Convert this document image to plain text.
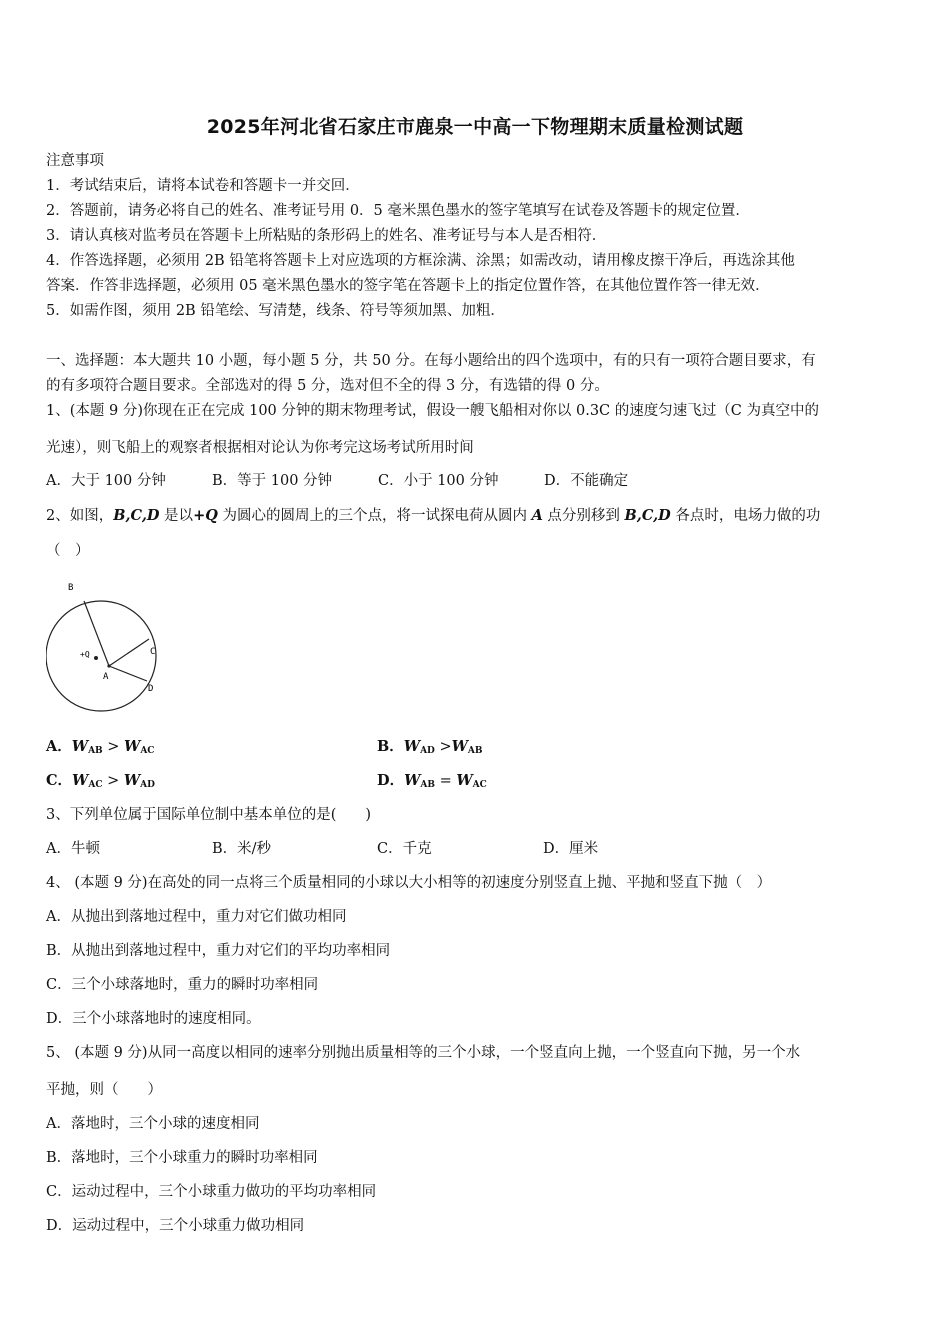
2025年河北省石家庄市鹿泉一中高一下物理期末质量检测试题
注意事项
1．考试结束后，请将本试卷和答题卡一并交回．
2．答题前，请务必将自己的姓名、准考证号用 0．5 毫米黑色墨水的签字笔填写在试卷及答题卡的规定位置．
3．请认真核对监考员在答题卡上所粘贴的条形码上的姓名、准考证号与本人是否相符．
4．作答选择题，必须用 2B 铅笔将答题卡上对应选项的方框涂满、涂黑；如需改动，请用橡皮擦干净后，再选涂其他
答案．作答非选择题，必须用 05 毫米黑色墨水的签字笔在答题卡上的指定位置作答，在其他位置作答一律无效．
5．如需作图，须用 2B 铅笔绘、写清楚，线条、符号等须加黑、加粗．
一、选择题：本大题共 10 小题，每小题 5 分，共 50 分。在每小题给出的四个选项中，有的只有一项符合题目要求，有
的有多项符合题目要求。全部选对的得 5 分，选对但不全的得 3 分，有选错的得 0 分。
1、(本题 9 分)你现在正在完成 100 分钟的期末物理考试，假设一艘飞船相对你以 0.3C 的速度匀速飞过（C 为真空中的
光速），则飞船上的观察者根据相对论认为你考完这场考试所用时间
A．大于 100 分钟	B．等于 100 分钟	C．小于 100 分钟	D．不能确定
2、如图，B,C,D 是以+Q 为圆心的圆周上的三个点，将一试探电荷从圆内 A 点分别移到 B,C,D 各点时，电场力做的功
（　）
B
C
D
A
+Q
A．$W_{AB} > W_{AC}$	B．$W_{AD} >W_{AB}$
C．$W_{AC} > W_{AD}$	D．$W_{AB} = W_{AC}$
3、下列单位属于国际单位制中基本单位的是(　　)
A．牛顿	B．米/秒	C．千克	D．厘米
4、 (本题 9 分)在高处的同一点将三个质量相同的小球以大小相等的初速度分别竖直上抛、平抛和竖直下抛（　）
A．从抛出到落地过程中，重力对它们做功相同
B．从抛出到落地过程中，重力对它们的平均功率相同
C．三个小球落地时，重力的瞬时功率相同
D．三个小球落地时的速度相同。
5、 (本题 9 分)从同一高度以相同的速率分别抛出质量相等的三个小球，一个竖直向上抛，一个竖直向下抛，另一个水
平抛，则（　　）
A．落地时，三个小球的速度相同
B．落地时，三个小球重力的瞬时功率相同
C．运动过程中，三个小球重力做功的平均功率相同
D．运动过程中，三个小球重力做功相同
